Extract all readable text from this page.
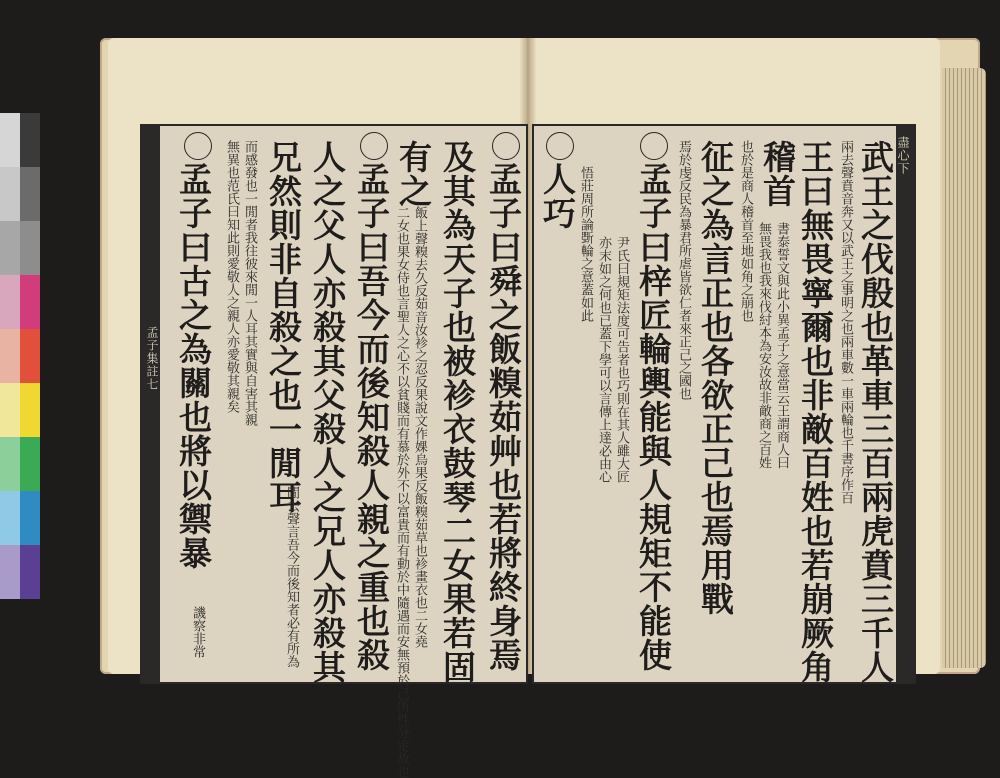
孟子集註七	孟子曰舜之飯糗茹艸也若將終身焉
及其為天子也被袗衣鼓琴二女果若固
有之
飯上聲糗去久反茹音汝袗之忍反果說文作婐烏果反飯糗茹草也袗畫衣也二女堯
二女也果女侍也言聖人之心不以貧賤而有慕於外不以富貴而有動於中隨遇而安無預於己所性分定故也
孟子曰吾今而後知殺人親之重也殺
人之父人亦殺其父殺人之兄人亦殺其
兄然則非自殺之也一閒耳
閒去聲言吾今而後知者必有所為
而感發也一閒者我往彼來閒一人耳其實與自害其親
無異也范氏曰知此則愛敬人之親人亦愛敬其親矣
孟子曰古之為關也將以禦暴
譏察非常
盡心下
武王之伐殷也革車三百兩虎賁三千人
兩去聲賁音奔又以武王之事明之也兩車數一車兩輪也千書序作百
王曰無畏寧爾也非敵百姓也若崩厥角
稽首
書泰誓文與此小異孟子之意當云王謂商人曰
無畏我也我來伐紂本為安汝故非敵商之百姓
也於是商人稽首至地如角之崩也
征之為言正也各欲正己也焉用戰
焉於虔反民為暴君所虐皆欲仁者來正己之國也
孟子曰梓匠輪輿能與人規矩不能使
尹氏曰規矩法度可告者也巧則在其人雖大匠
亦末如之何也已蓋下學可以言傳上達必由心
悟莊周所論斲輪之意蓋如此
人巧
